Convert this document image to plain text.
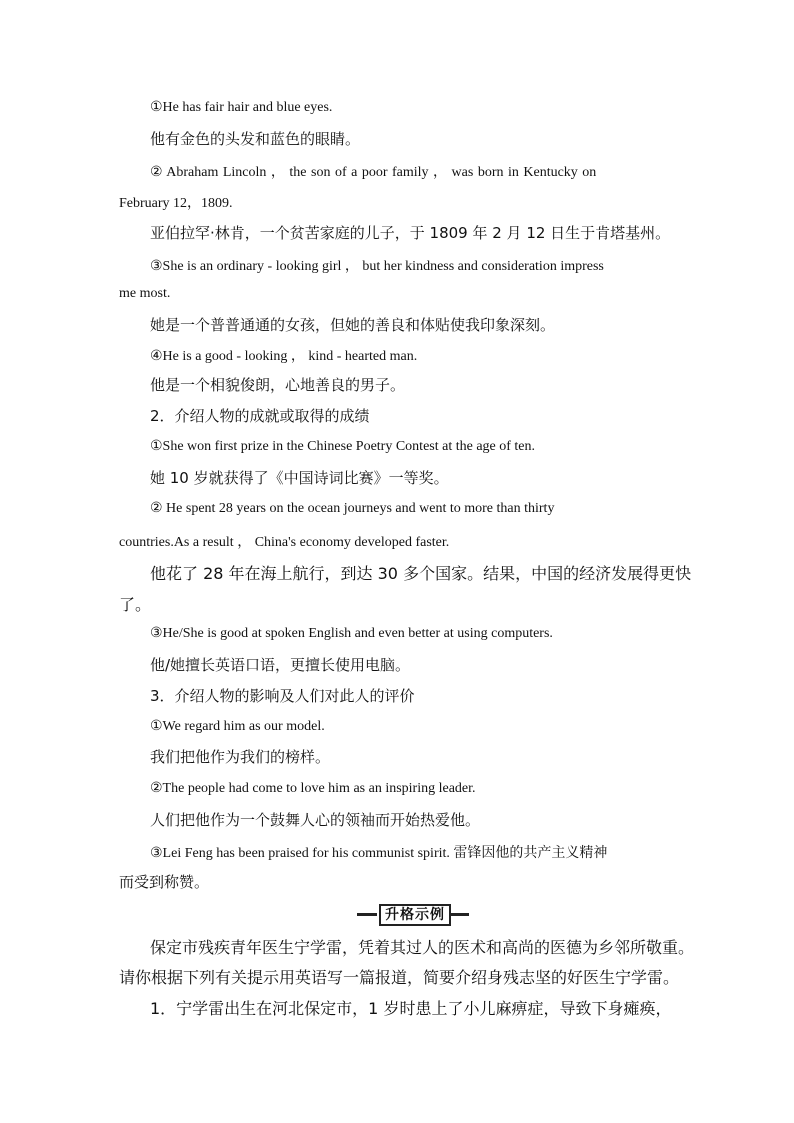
①He has fair hair and blue eyes.
他有金色的头发和蓝色的眼睛。
② Abraham Lincoln ， the son of a poor family ， was born in Kentucky on
February 12，1809.
亚伯拉罕·林肯，一个贫苦家庭的儿子，于 1809 年 2 月 12 日生于肯塔基州。
③She is an ordinary - looking girl ， but her kindness and consideration impress
me most.
她是一个普普通通的女孩，但她的善良和体贴使我印象深刻。
④He is a good - looking ， kind - hearted man.
他是一个相貌俊朗，心地善良的男子。
2．介绍人物的成就或取得的成绩
①She won first prize in the Chinese Poetry Contest at the age of ten.
她 10 岁就获得了《中国诗词比赛》一等奖。
② He spent 28 years on the ocean journeys and went to more than thirty
countries.As a result ， China's economy developed faster.
他花了 28 年在海上航行，到达 30 多个国家。结果，中国的经济发展得更快
了。
③He/She is good at spoken English and even better at using computers.
他/她擅长英语口语，更擅长使用电脑。
3．介绍人物的影响及人们对此人的评价
①We regard him as our model.
我们把他作为我们的榜样。
②The people had come to love him as an inspiring leader.
人们把他作为一个鼓舞人心的领袖而开始热爱他。
③Lei Feng has been praised for his communist spirit. 雷锋因他的共产主义精神
而受到称赞。
升格示例
保定市残疾青年医生宁学雷，凭着其过人的医术和高尚的医德为乡邻所敬重。
请你根据下列有关提示用英语写一篇报道，简要介绍身残志坚的好医生宁学雷。
1．宁学雷出生在河北保定市，1 岁时患上了小儿麻痹症，导致下身瘫痪，
